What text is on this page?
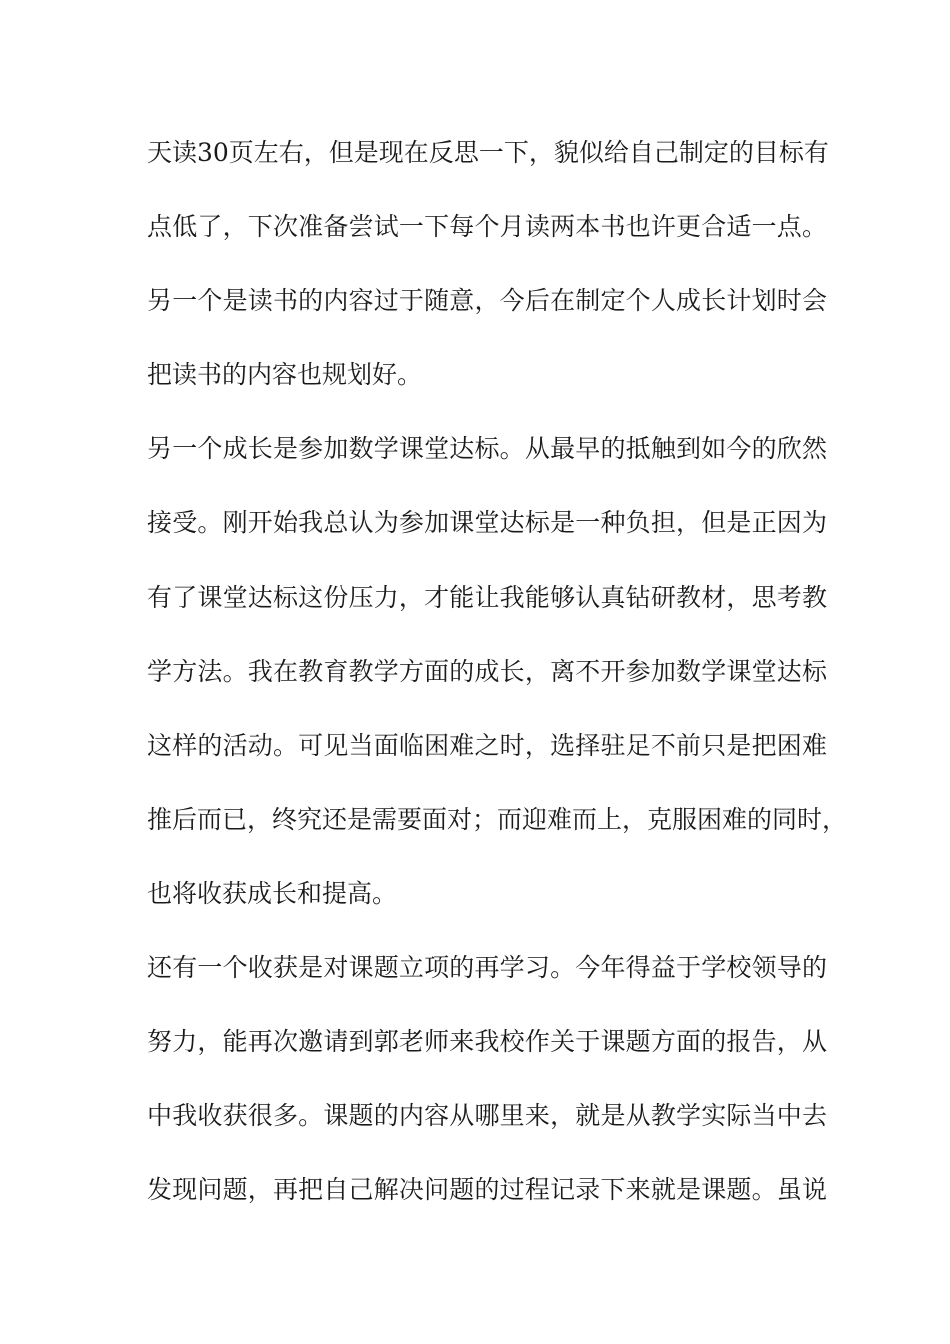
天读30页左右，但是现在反思一下，貌似给自己制定的目标有
点低了，下次准备尝试一下每个月读两本书也许更合适一点。
另一个是读书的内容过于随意，今后在制定个人成长计划时会
把读书的内容也规划好。
另一个成长是参加数学课堂达标。从最早的抵触到如今的欣然
接受。刚开始我总认为参加课堂达标是一种负担，但是正因为
有了课堂达标这份压力，才能让我能够认真钻研教材，思考教
学方法。我在教育教学方面的成长，离不开参加数学课堂达标
这样的活动。可见当面临困难之时，选择驻足不前只是把困难
推后而已，终究还是需要面对；而迎难而上，克服困难的同时，
也将收获成长和提高。
还有一个收获是对课题立项的再学习。今年得益于学校领导的
努力，能再次邀请到郭老师来我校作关于课题方面的报告，从
中我收获很多。课题的内容从哪里来，就是从教学实际当中去
发现问题，再把自己解决问题的过程记录下来就是课题。虽说
